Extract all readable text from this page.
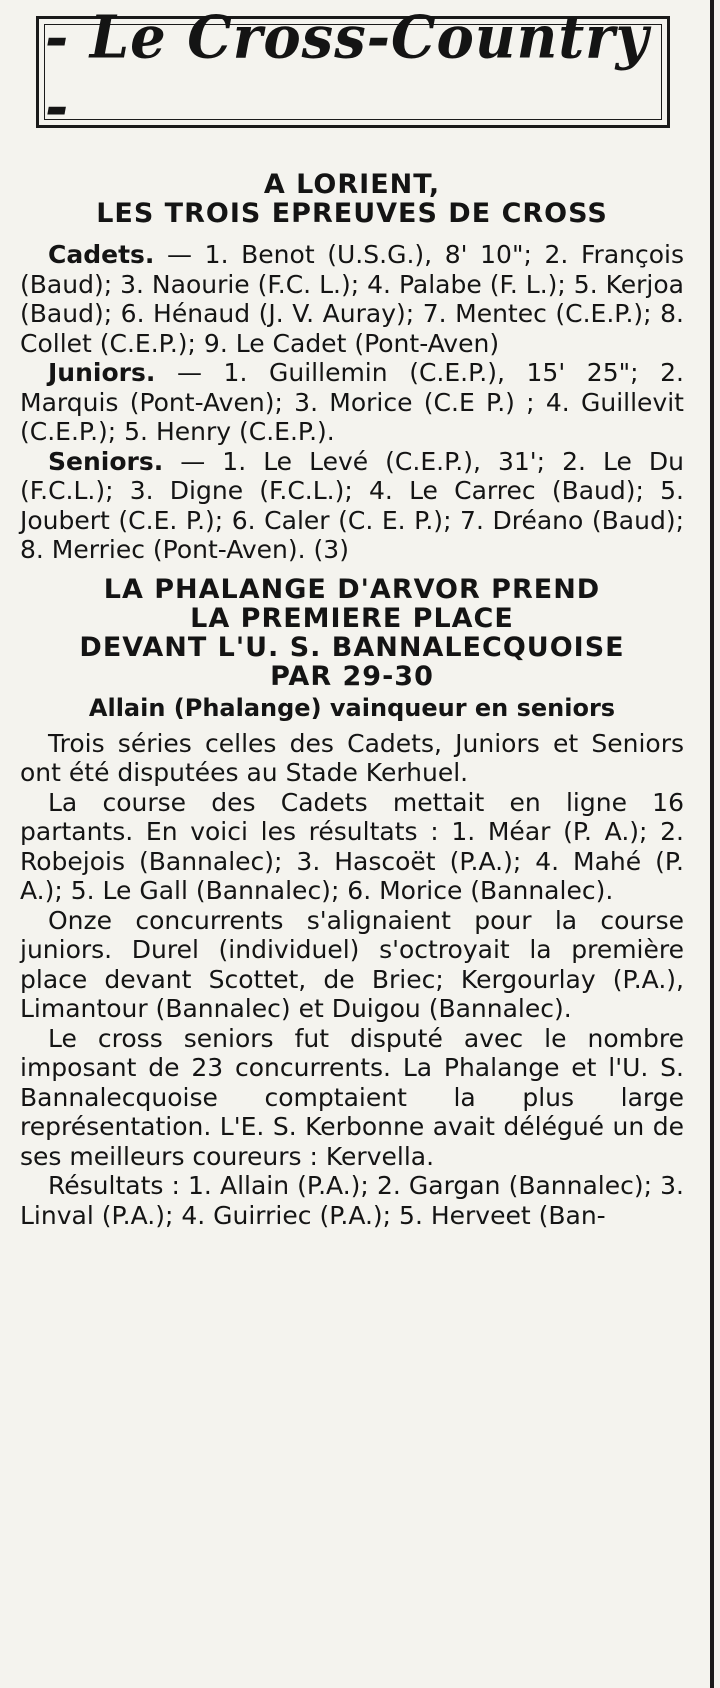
- Le Cross-Country -

A LORIENT,

LES TROIS EPREUVES DE CROSS

Cadets. — 1. Benot (U.S.G.), 8' 10"; 2. François (Baud); 3. Naourie (F.C. L.); 4. Palabe (F. L.); 5. Kerjoa (Baud); 6. Hénaud (J. V. Auray); 7. Mentec (C.E.P.); 8. Collet (C.E.P.); 9. Le Cadet (Pont-Aven)

Juniors. — 1. Guillemin (C.E.P.), 15' 25"; 2. Marquis (Pont-Aven); 3. Morice (C.E P.) ; 4. Guillevit (C.E.P.); 5. Henry (C.E.P.).

Seniors. — 1. Le Levé (C.E.P.), 31'; 2. Le Du (F.C.L.); 3. Digne (F.C.L.); 4. Le Carrec (Baud); 5. Joubert (C.E. P.); 6. Caler (C. E. P.); 7. Dréano (Baud); 8. Merriec (Pont-Aven). (3)

LA PHALANGE D'ARVOR PREND

LA PREMIERE PLACE

DEVANT L'U. S. BANNALECQUOISE

PAR 29-30

Allain (Phalange) vainqueur en seniors

Trois séries celles des Cadets, Juniors et Seniors ont été disputées au Stade Kerhuel.

La course des Cadets mettait en ligne 16 partants. En voici les résultats : 1. Méar (P. A.); 2. Robejois (Bannalec); 3. Hascoët (P.A.); 4. Mahé (P. A.); 5. Le Gall (Bannalec); 6. Morice (Bannalec).

Onze concurrents s'alignaient pour la course juniors. Durel (individuel) s'octroyait la première place devant Scottet, de Briec; Kergourlay (P.A.), Limantour (Bannalec) et Duigou (Bannalec).

Le cross seniors fut disputé avec le nombre imposant de 23 concurrents. La Phalange et l'U. S. Bannalecquoise comptaient la plus large représentation. L'E. S. Kerbonne avait délégué un de ses meilleurs coureurs : Kervella.

Résultats : 1. Allain (P.A.); 2. Gargan (Bannalec); 3. Linval (P.A.); 4. Guirriec (P.A.); 5. Herveet (Ban-
